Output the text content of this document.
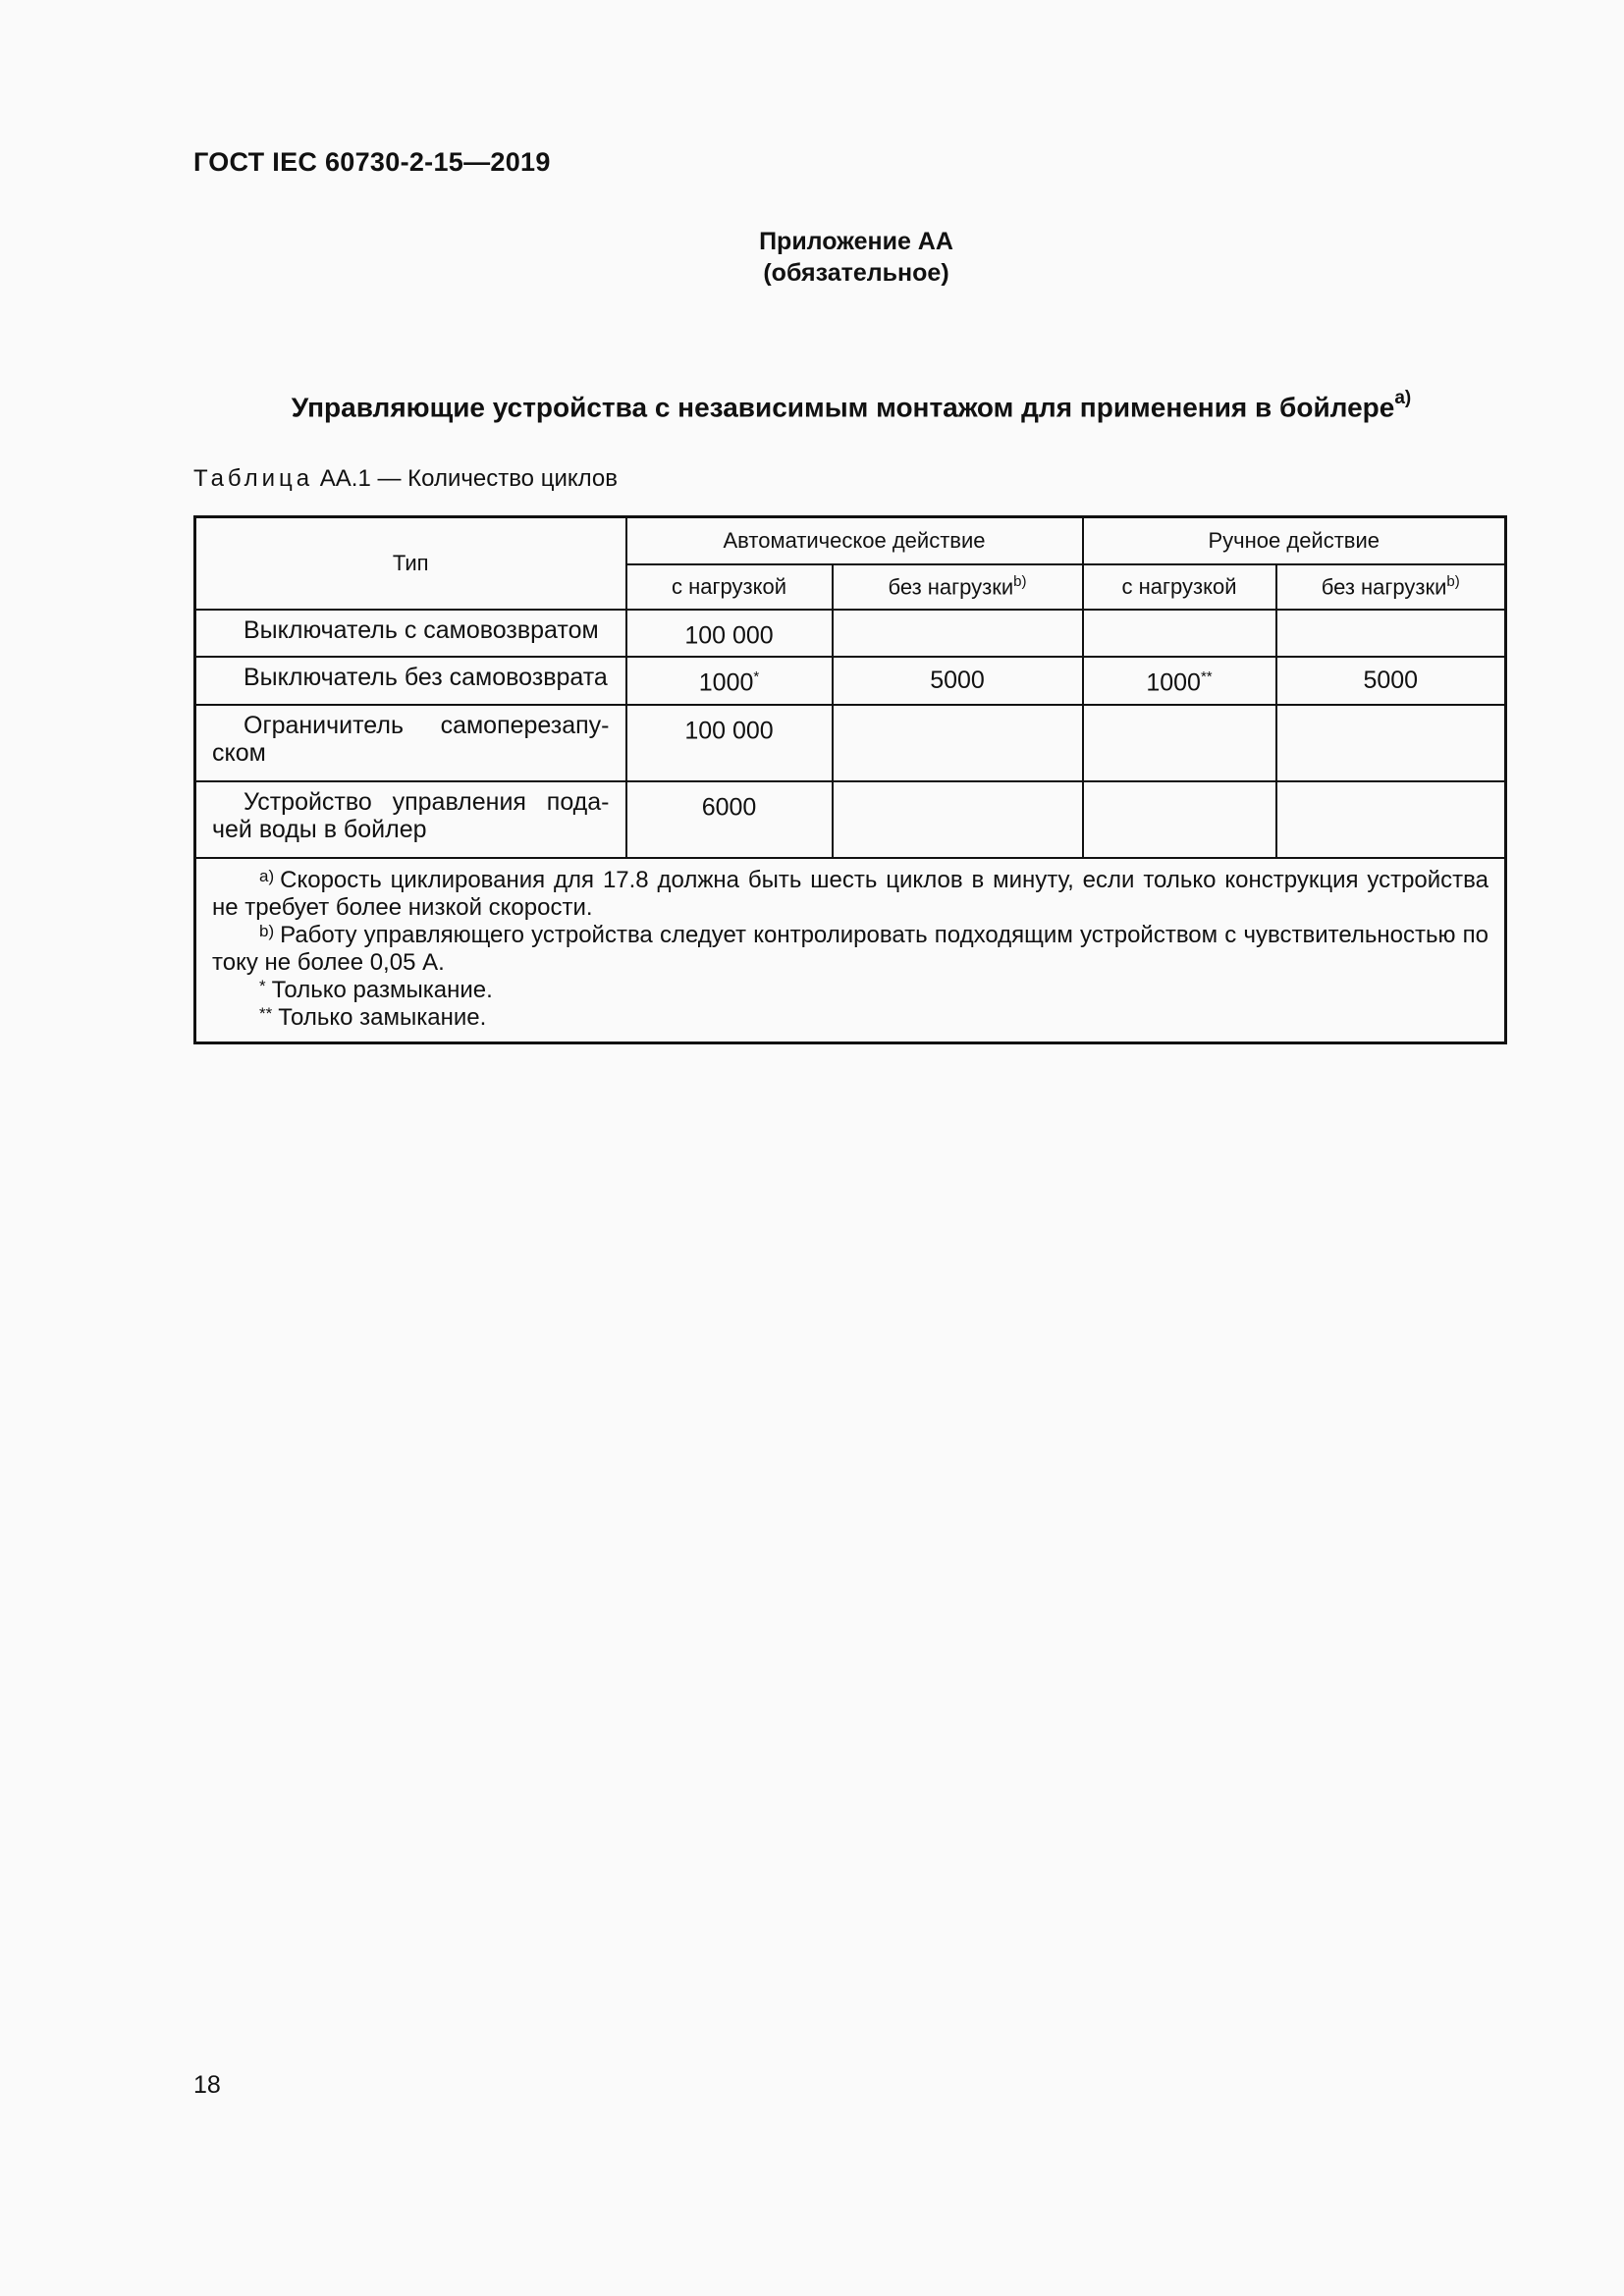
ГОСТ IEC 60730-2-15—2019
Приложение АА
(обязательное)
Управляющие устройства с независимым монтажом для применения в бойлере$^{a)}$
Таблица АА.1 — Количество циклов
Тип	Автоматическое действие		Ручное действие	
	с нагрузкой	без нагрузки$^{b)}$	с нагрузкой	без нагрузки$^{b)}$
Выключатель с самовозвратом	100 000			
Выключатель без самовозврата	1000*	5000	1000**	5000
Ограничитель самоперезапу-ском	100 000			
Устройство управления пода-чей воды в бойлер	6000			

$^{a)}$ Скорость циклирования для 17.8 должна быть шесть циклов в минуту, если только конструкция устройства не требует более низкой скорости.
$^{b)}$ Работу управляющего устройства следует контролировать подходящим устройством с чувствительностью по току не более 0,05 А.
* Только размыкание.
** Только замыкание.				
18
